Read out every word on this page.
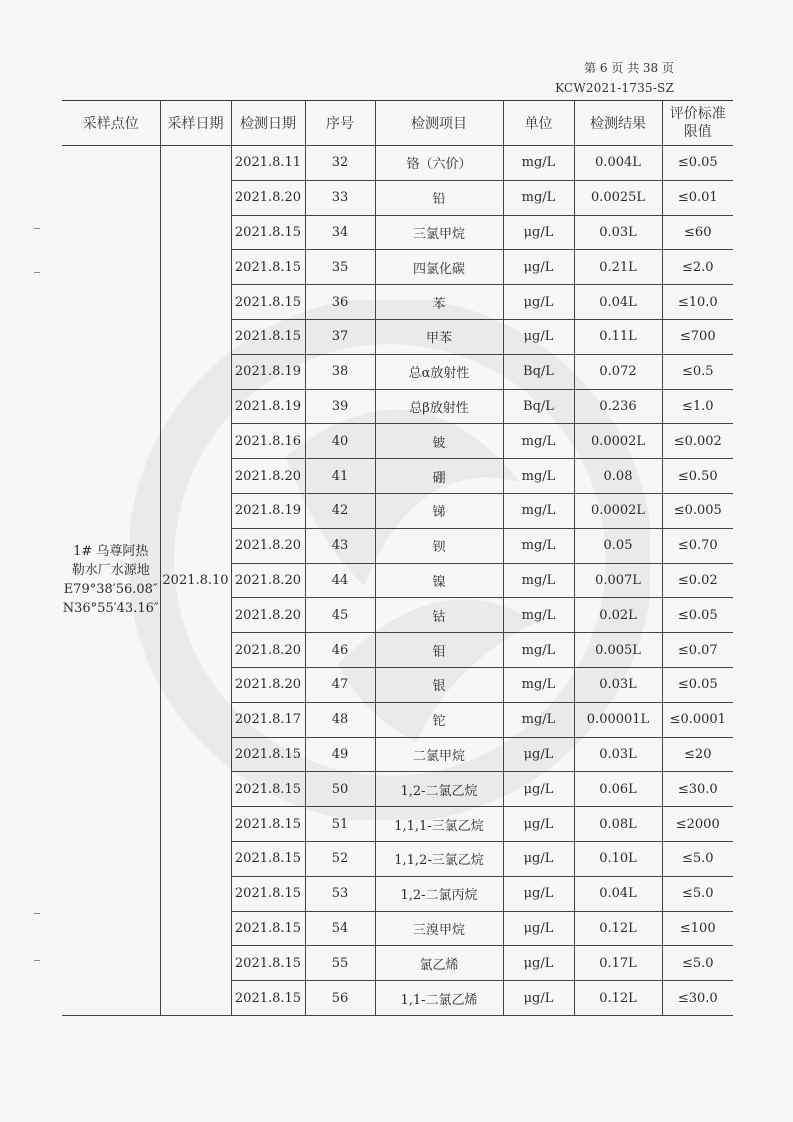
第 6 页 共 38 页
KCW2021-1735-SZ
采样点位	采样日期	检测日期	序号	检测项目	单位	检测结果	评价标准
限值

1# 乌尊阿热
勒水厂水源地
E79°38′56.08″
N36°55′43.16″	2021.8.10	2021.8.11	32	铬（六价）	mg/L	0.004L	≤0.05
		2021.8.20	33	铅	mg/L	0.0025L	≤0.01
		2021.8.15	34	三氯甲烷	μg/L	0.03L	≤60
		2021.8.15	35	四氯化碳	μg/L	0.21L	≤2.0
		2021.8.15	36	苯	μg/L	0.04L	≤10.0
		2021.8.15	37	甲苯	μg/L	0.11L	≤700
		2021.8.19	38	总α放射性	Bq/L	0.072	≤0.5
		2021.8.19	39	总β放射性	Bq/L	0.236	≤1.0
		2021.8.16	40	铍	mg/L	0.0002L	≤0.002
		2021.8.20	41	硼	mg/L	0.08	≤0.50
		2021.8.19	42	锑	mg/L	0.0002L	≤0.005
		2021.8.20	43	钡	mg/L	0.05	≤0.70
		2021.8.20	44	镍	mg/L	0.007L	≤0.02
		2021.8.20	45	钴	mg/L	0.02L	≤0.05
		2021.8.20	46	钼	mg/L	0.005L	≤0.07
		2021.8.20	47	银	mg/L	0.03L	≤0.05
		2021.8.17	48	铊	mg/L	0.00001L	≤0.0001
		2021.8.15	49	二氯甲烷	μg/L	0.03L	≤20
		2021.8.15	50	1,2-二氯乙烷	μg/L	0.06L	≤30.0
		2021.8.15	51	1,1,1-三氯乙烷	μg/L	0.08L	≤2000
		2021.8.15	52	1,1,2-三氯乙烷	μg/L	0.10L	≤5.0
		2021.8.15	53	1,2-二氯丙烷	μg/L	0.04L	≤5.0
		2021.8.15	54	三溴甲烷	μg/L	0.12L	≤100
		2021.8.15	55	氯乙烯	μg/L	0.17L	≤5.0
		2021.8.15	56	1,1-二氯乙烯	μg/L	0.12L	≤30.0
